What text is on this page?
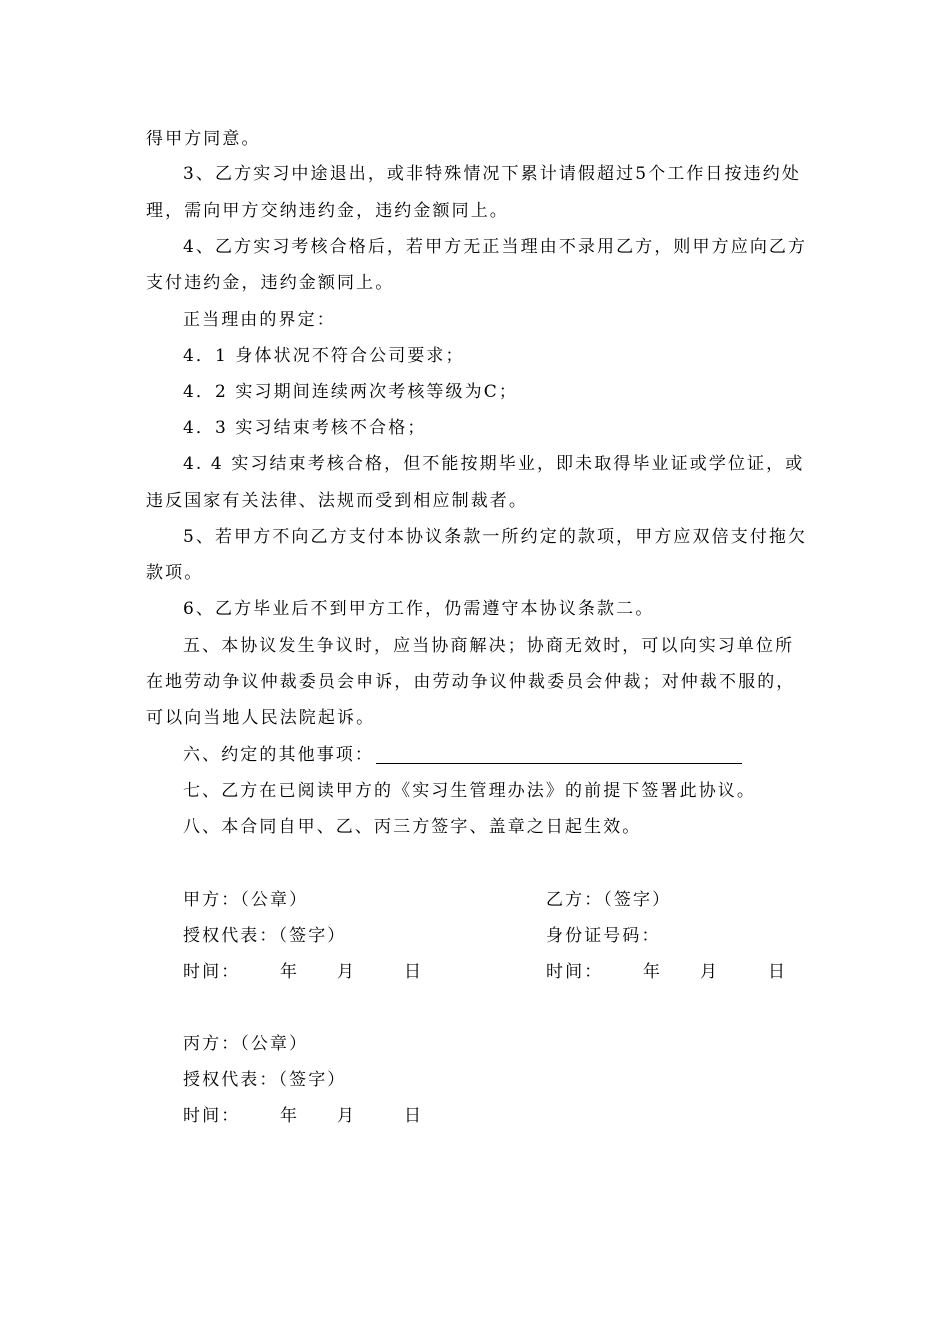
得甲方同意。
3、乙方实习中途退出，或非特殊情况下累计请假超过5个工作日按违约处
理，需向甲方交纳违约金，违约金额同上。
4、乙方实习考核合格后，若甲方无正当理由不录用乙方，则甲方应向乙方
支付违约金，违约金额同上。
正当理由的界定：
4．1 身体状况不符合公司要求；
4．2 实习期间连续两次考核等级为C；
4．3 实习结束考核不合格；
4. 4 实习结束考核合格，但不能按期毕业，即未取得毕业证或学位证，或
违反国家有关法律、法规而受到相应制裁者。
5、若甲方不向乙方支付本协议条款一所约定的款项，甲方应双倍支付拖欠
款项。
6、乙方毕业后不到甲方工作，仍需遵守本协议条款二。
五、本协议发生争议时，应当协商解决；协商无效时，可以向实习单位所
在地劳动争议仲裁委员会申诉，由劳动争议仲裁委员会仲裁；对仲裁不服的，
可以向当地人民法院起诉。
六、约定的其他事项：
七、乙方在已阅读甲方的《实习生管理办法》的前提下签署此协议。
八、本合同自甲、乙、丙三方签字、盖章之日起生效。
甲方：（公章）
授权代表：（签字）
时间： 年 月	日
乙方：（签字）
身份证号码：
时间： 年 月	日
丙方：（公章）
授权代表：（签字）
时间： 年 月	日
